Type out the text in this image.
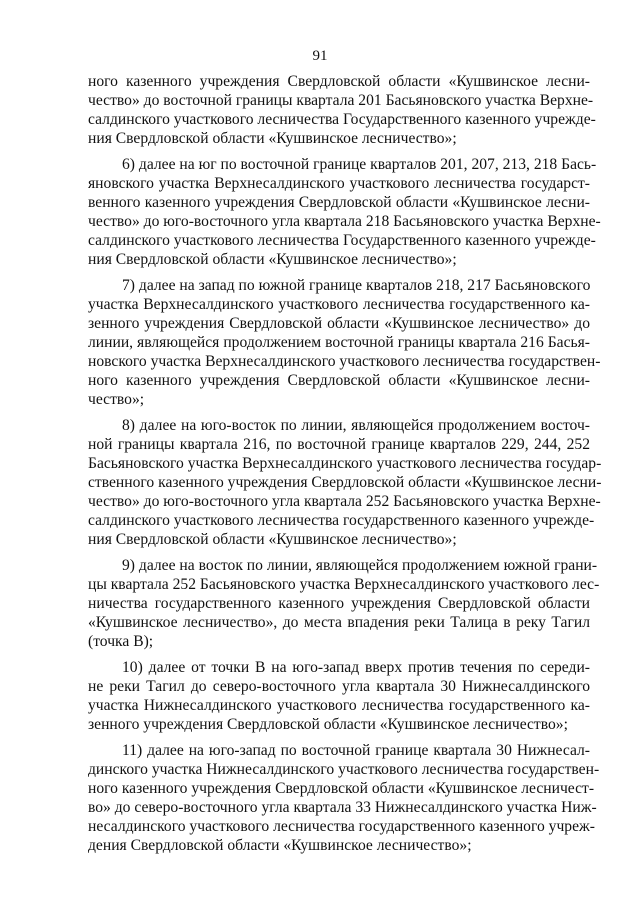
91
ного казенного учреждения Свердловской области «Кушвинское лесни-
чество» до восточной границы квартала 201 Басьяновского участка Верхне-
салдинского участкового лесничества Государственного казенного учрежде-
ния Свердловской области «Кушвинское лесничество»;
6) далее на юг по восточной границе кварталов 201, 207, 213, 218 Бась-
яновского участка Верхнесалдинского участкового лесничества государст-
венного казенного учреждения Свердловской области «Кушвинское лесни-
чество» до юго-восточного угла квартала 218 Басьяновского участка Верхне-
салдинского участкового лесничества Государственного казенного учрежде-
ния Свердловской области «Кушвинское лесничество»;
7) далее на запад по южной границе кварталов 218, 217 Басьяновского
участка Верхнесалдинского участкового лесничества государственного ка-
зенного учреждения Свердловской области «Кушвинское лесничество» до
линии, являющейся продолжением восточной границы квартала 216 Басья-
новского участка Верхнесалдинского участкового лесничества государствен-
ного казенного учреждения Свердловской области «Кушвинское лесни-
чество»;
8) далее на юго-восток по линии, являющейся продолжением восточ-
ной границы квартала 216, по восточной границе кварталов 229, 244, 252
Басьяновского участка Верхнесалдинского участкового лесничества государ-
ственного казенного учреждения Свердловской области «Кушвинское лесни-
чество» до юго-восточного угла квартала 252 Басьяновского участка Верхне-
салдинского участкового лесничества государственного казенного учрежде-
ния Свердловской области «Кушвинское лесничество»;
9) далее на восток по линии, являющейся продолжением южной грани-
цы квартала 252 Басьяновского участка Верхнесалдинского участкового лес-
ничества государственного казенного учреждения Свердловской области
«Кушвинское лесничество», до места впадения реки Талица в реку Тагил
(точка В);
10) далее от точки В на юго-запад вверх против течения по середи-
не реки Тагил до северо-восточного угла квартала 30 Нижнесалдинского
участка Нижнесалдинского участкового лесничества государственного ка-
зенного учреждения Свердловской области «Кушвинское лесничество»;
11) далее на юго-запад по восточной границе квартала 30 Нижнесал-
динского участка Нижнесалдинского участкового лесничества государствен-
ного казенного учреждения Свердловской области «Кушвинское лесничест-
во» до северо-восточного угла квартала 33 Нижнесалдинского участка Ниж-
несалдинского участкового лесничества государственного казенного учреж-
дения Свердловской области «Кушвинское лесничество»;
